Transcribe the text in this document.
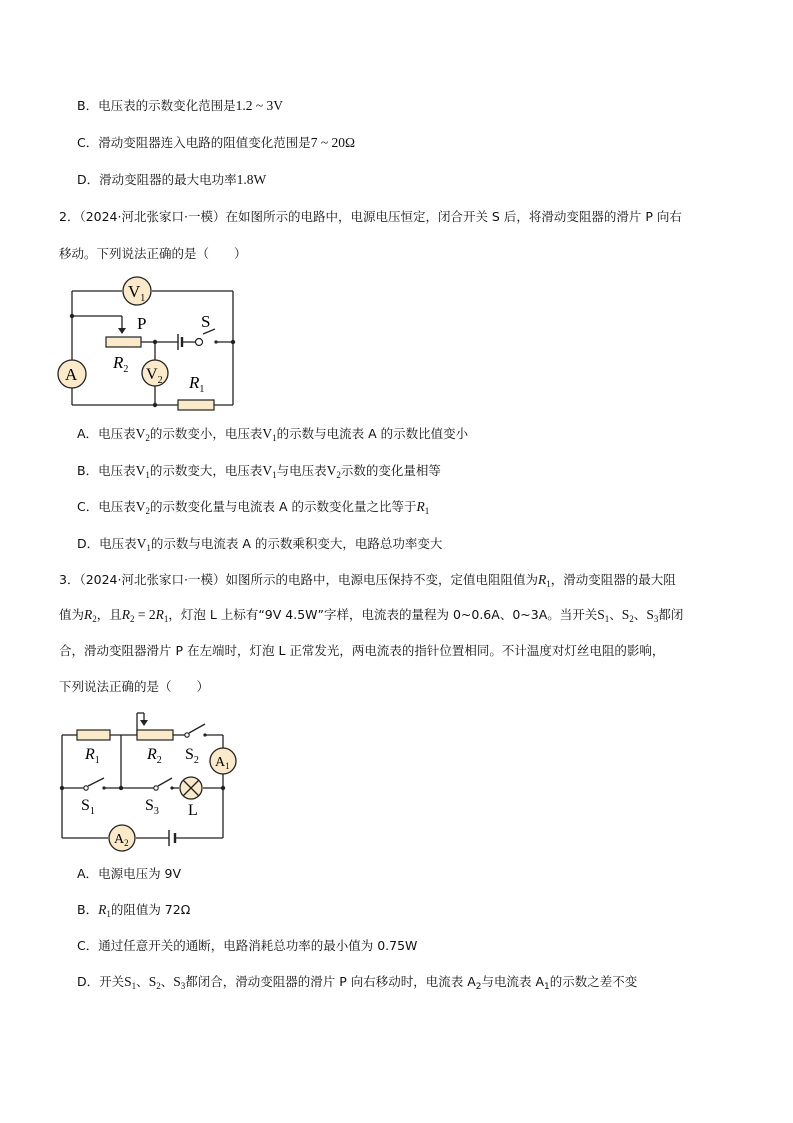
B．电压表的示数变化范围是1.2 ~ 3V
C．滑动变阻器连入电路的阻值变化范围是7 ~ 20Ω
D．滑动变阻器的最大电功率1.8W
2．（2024·河北张家口·一模）在如图所示的电路中，电源电压恒定，闭合开关 S 后，将滑动变阻器的滑片 P 向右
移动。下列说法正确的是（　　）
$V_1$
A	$V_2$
P	S
$R_2$
$R_1$
A．电压表$V_2$的示数变小，电压表$V_1$的示数与电流表 A 的示数比值变小
B．电压表$V_1$的示数变大，电压表$V_1$与电压表$V_2$示数的变化量相等
C．电压表$V_2$的示数变化量与电流表 A 的示数变化量之比等于$R_1$
D．电压表$V_1$的示数与电流表 A 的示数乘积变大，电路总功率变大
3．（2024·河北张家口·一模）如图所示的电路中，电源电压保持不变，定值电阻阻值为$R_1$，滑动变阻器的最大阻
值为$R_2$，且$R_2 = 2R_1$，灯泡 L 上标有“9V 4.5W”字样，电流表的量程为 0~0.6A、0~3A。当开关$S_1$、$S_2$、$S_3$都闭
合，滑动变阻器滑片 P 在左端时，灯泡 L 正常发光，两电流表的指针位置相同。不计温度对灯丝电阻的影响，
下列说法正确的是（　　）
$R_1$	$R_2$ $S_2$
$S_1$	$S_3$ L
$A_1$
$A_2$
A．电源电压为 9V
B．$R_1$的阻值为 72Ω
C．通过任意开关的通断，电路消耗总功率的最小值为 0.75W
D．开关$S_1$、$S_2$、$S_3$都闭合，滑动变阻器的滑片 P 向右移动时，电流表 $A_2$与电流表 $A_1$的示数之差不变
